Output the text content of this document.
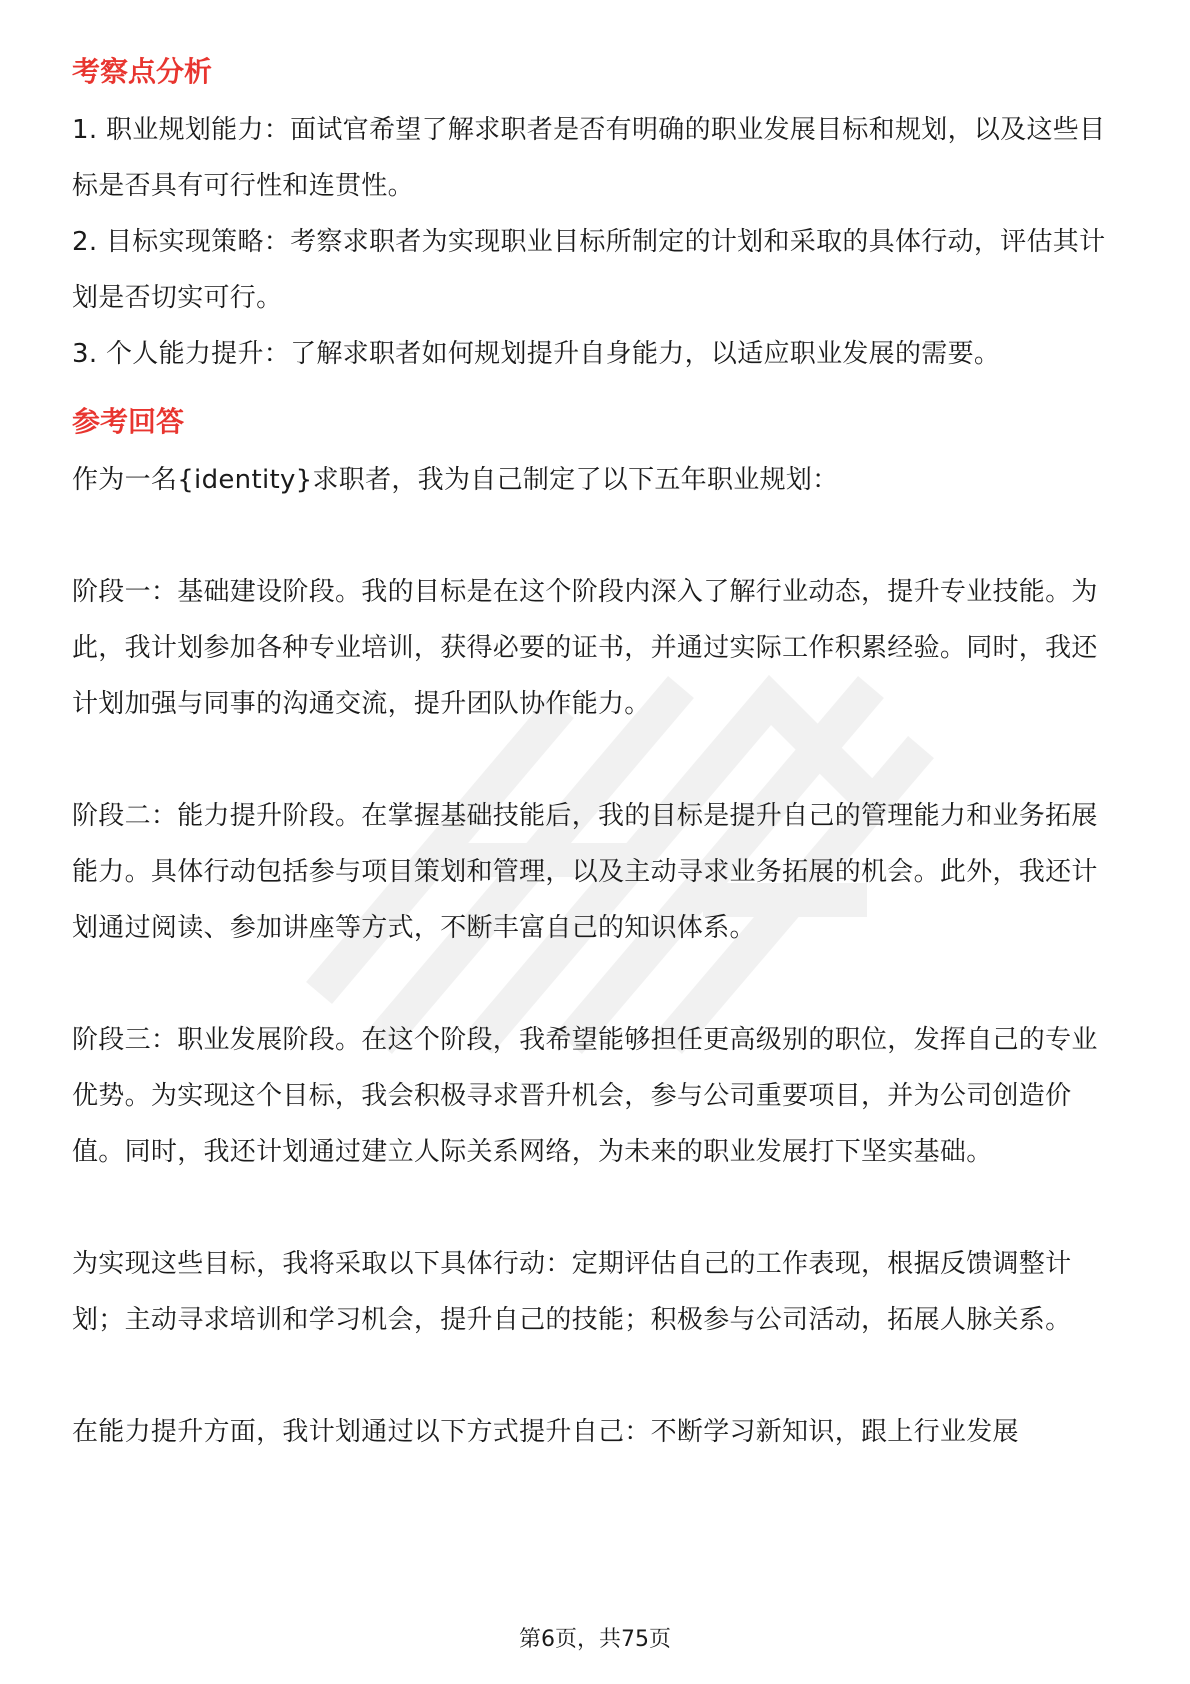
考察点分析

1. 职业规划能力：面试官希望了解求职者是否有明确的职业发展目标和规划，以及这些目标是否具有可行性和连贯性。

2. 目标实现策略：考察求职者为实现职业目标所制定的计划和采取的具体行动，评估其计划是否切实可行。

3. 个人能力提升：了解求职者如何规划提升自身能力，以适应职业发展的需要。

参考回答

作为一名{identity}求职者，我为自己制定了以下五年职业规划：

阶段一：基础建设阶段。我的目标是在这个阶段内深入了解行业动态，提升专业技能。为此，我计划参加各种专业培训，获得必要的证书，并通过实际工作积累经验。同时，我还计划加强与同事的沟通交流，提升团队协作能力。

阶段二：能力提升阶段。在掌握基础技能后，我的目标是提升自己的管理能力和业务拓展能力。具体行动包括参与项目策划和管理，以及主动寻求业务拓展的机会。此外，我还计划通过阅读、参加讲座等方式，不断丰富自己的知识体系。

阶段三：职业发展阶段。在这个阶段，我希望能够担任更高级别的职位，发挥自己的专业优势。为实现这个目标，我会积极寻求晋升机会，参与公司重要项目，并为公司创造价值。同时，我还计划通过建立人际关系网络，为未来的职业发展打下坚实基础。

为实现这些目标，我将采取以下具体行动：定期评估自己的工作表现，根据反馈调整计划；主动寻求培训和学习机会，提升自己的技能；积极参与公司活动，拓展人脉关系。

在能力提升方面，我计划通过以下方式提升自己：不断学习新知识，跟上行业发展

第6页，共75页
